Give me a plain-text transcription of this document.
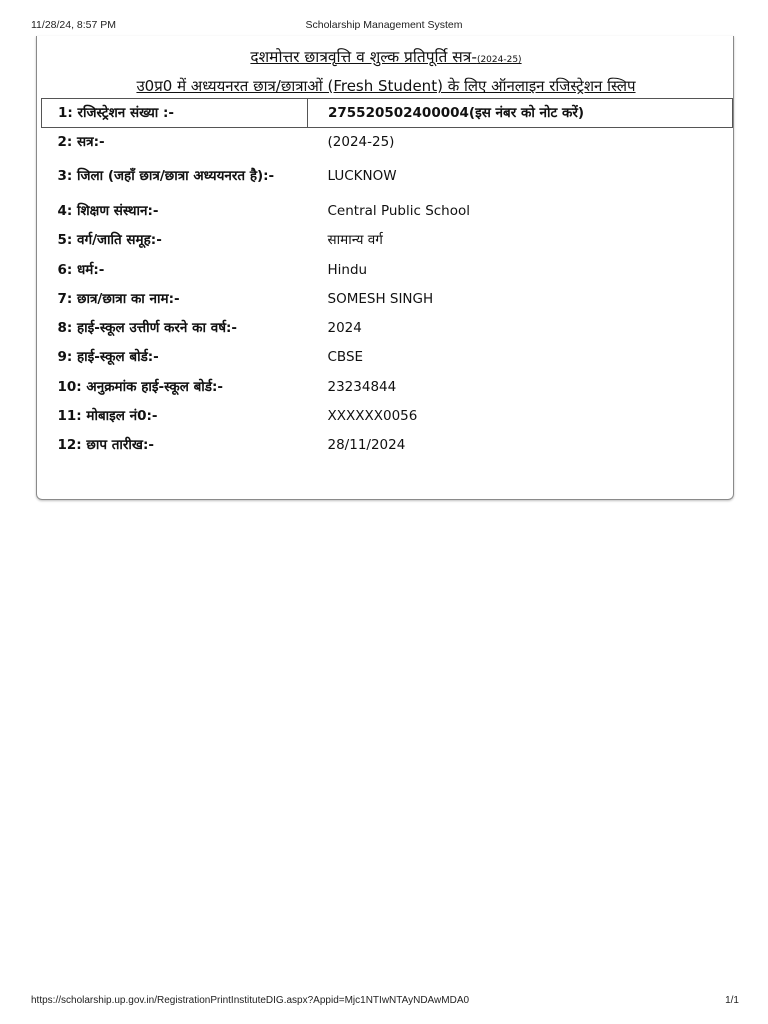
11/28/24, 8:57 PM	Scholarship Management System
दशमोत्तर छात्रवृत्ति व शुल्क प्रतिपूर्ति सत्र-(2024-25)
उ0प्र0 में अध्ययनरत छात्र/छात्राओं (Fresh Student) के लिए ऑनलाइन रजिस्ट्रेशन स्लिप
1: रजिस्ट्रेशन संख्या :-	275520502400004(इस नंबर को नोट करें)
2: सत्र:-	(2024-25)
3: जिला (जहाँ छात्र/छात्रा अध्ययनरत है):-	LUCKNOW
4: शिक्षण संस्थान:-	Central Public School
5: वर्ग/जाति समूह:-	सामान्य वर्ग
6: धर्म:-	Hindu
7: छात्र/छात्रा का नाम:-	SOMESH SINGH
8: हाई-स्कूल उत्तीर्ण करने का वर्ष:-	2024
9: हाई-स्कूल बोर्ड:-	CBSE
10: अनुक्रमांक हाई-स्कूल बोर्ड:-	23234844
11: मोबाइल नं0:-	XXXXXX0056
12: छाप तारीख:-	28/11/2024
https://scholarship.up.gov.in/RegistrationPrintInstituteDIG.aspx?Appid=Mjc1NTIwNTAyNDAwMDA0	1/1
